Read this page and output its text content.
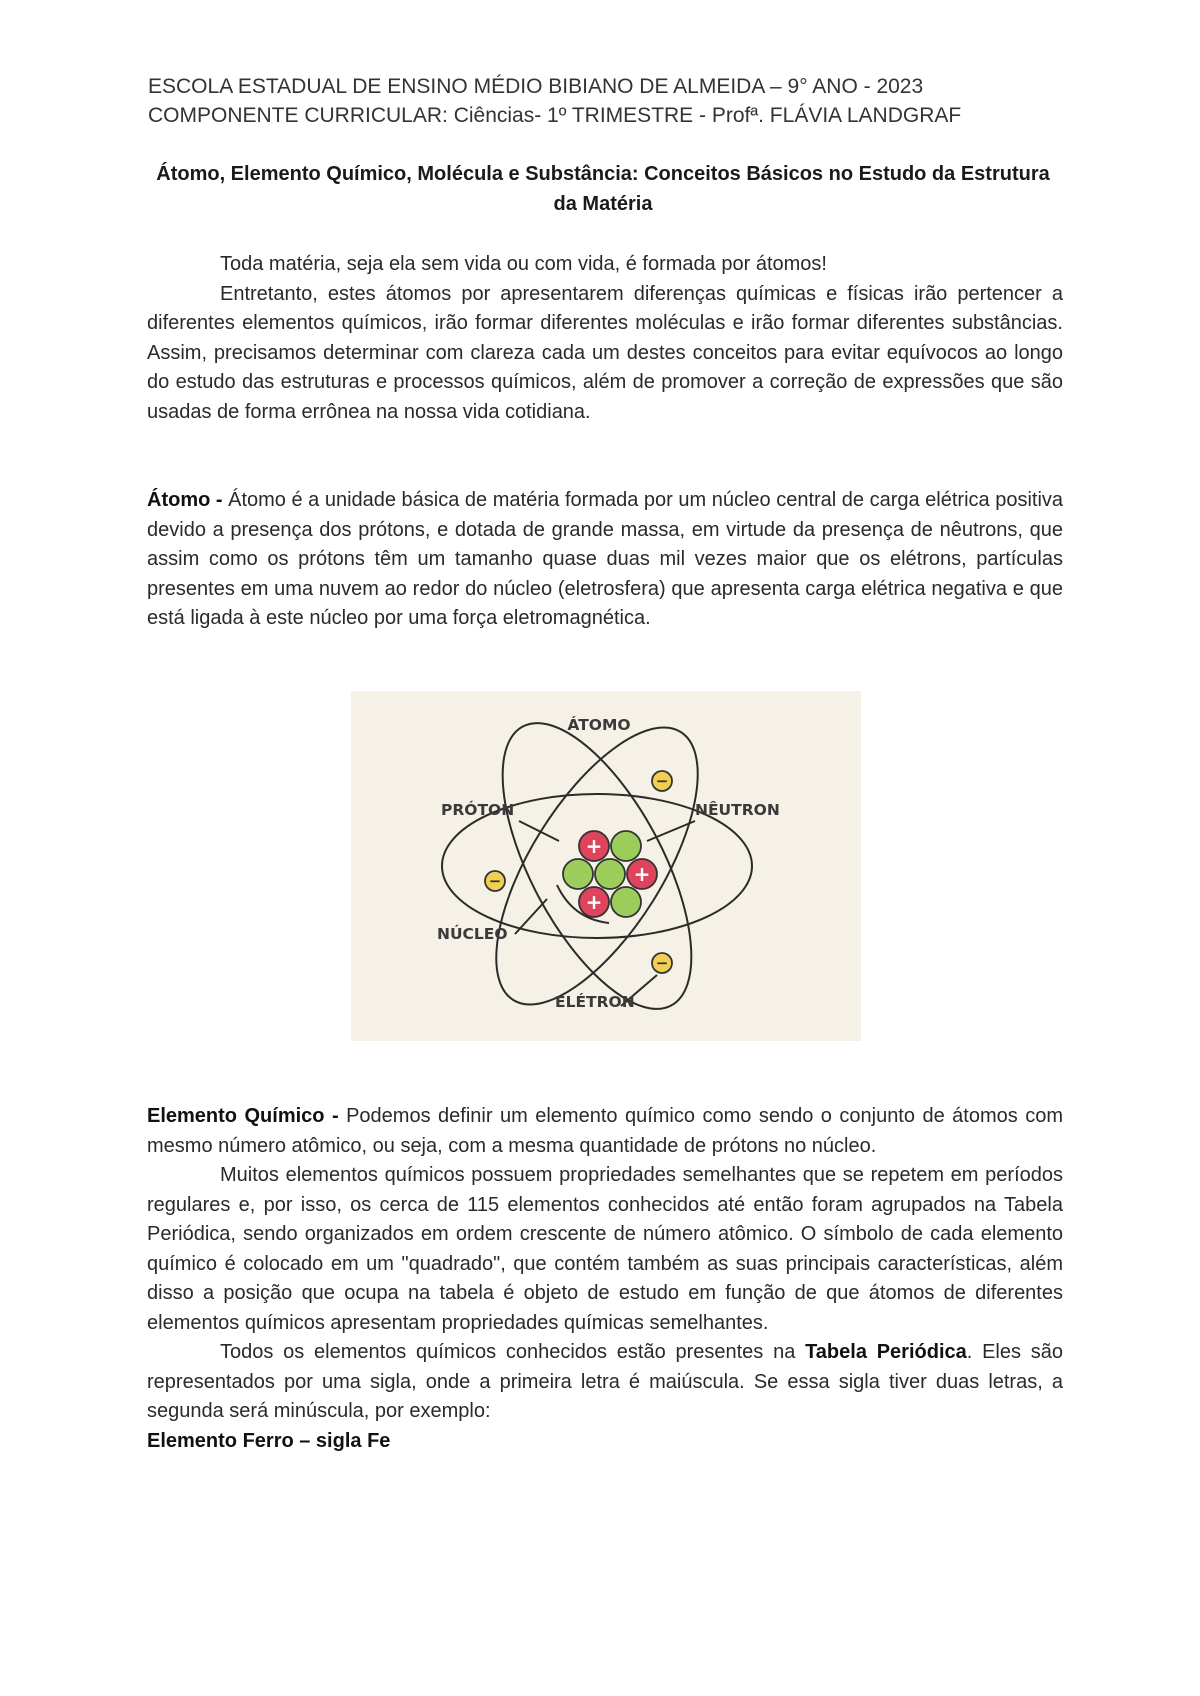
ESCOLA ESTADUAL DE ENSINO MÉDIO BIBIANO DE ALMEIDA – 9° ANO - 2023
COMPONENTE CURRICULAR: Ciências- 1º TRIMESTRE - Profª. FLÁVIA LANDGRAF
Átomo, Elemento Químico, Molécula e Substância: Conceitos Básicos no Estudo da Estrutura da Matéria
Toda matéria, seja ela sem vida ou com vida, é formada por átomos!
Entretanto, estes átomos por apresentarem diferenças químicas e físicas irão pertencer a diferentes elementos químicos, irão formar diferentes moléculas e irão formar diferentes substâncias. Assim, precisamos determinar com clareza cada um destes conceitos para evitar equívocos ao longo do estudo das estruturas e processos químicos, além de promover a correção de expressões que são usadas de forma errônea na nossa vida cotidiana.
Átomo - Átomo é a unidade básica de matéria formada por um núcleo central de carga elétrica positiva devido a presença dos prótons, e dotada de grande massa, em virtude da presença de nêutrons, que assim como os prótons têm um tamanho quase duas mil vezes maior que os elétrons, partículas presentes em uma nuvem ao redor do núcleo (eletrosfera) que apresenta carga elétrica negativa e que está ligada à este núcleo por uma força eletromagnética.
+
+
+
−
−
−
ÁTOMO
PRÓTON	NÊUTRON
NÚCLEO
ELÉTRON
Elemento Químico - Podemos definir um elemento químico como sendo o conjunto de átomos com mesmo número atômico, ou seja, com a mesma quantidade de prótons no núcleo.
Muitos elementos químicos possuem propriedades semelhantes que se repetem em períodos regulares e, por isso, os cerca de 115 elementos conhecidos até então foram agrupados na Tabela Periódica, sendo organizados em ordem crescente de número atômico. O símbolo de cada elemento químico é colocado em um "quadrado", que contém também as suas principais características, além disso a posição que ocupa na tabela é objeto de estudo em função de que átomos de diferentes elementos químicos apresentam propriedades químicas semelhantes.
Todos os elementos químicos conhecidos estão presentes na Tabela Periódica. Eles são representados por uma sigla, onde a primeira letra é maiúscula. Se essa sigla tiver duas letras, a segunda será minúscula, por exemplo:
Elemento Ferro – sigla Fe
